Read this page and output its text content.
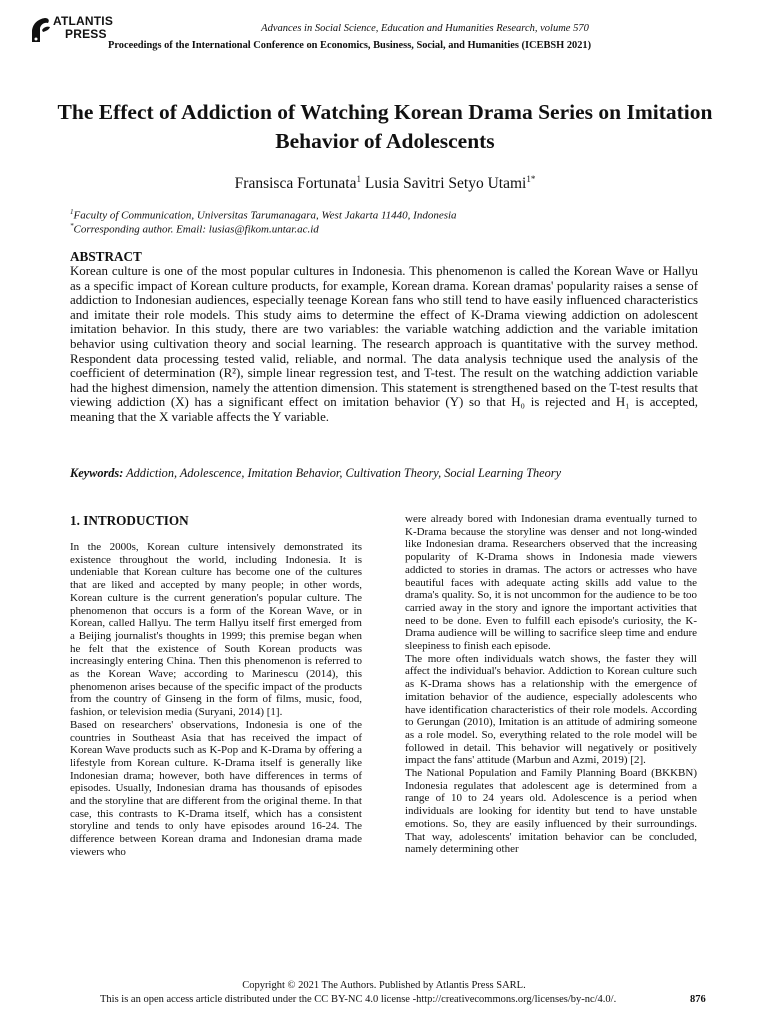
ATLANTIS
PRESS	Advances in Social Science, Education and Humanities Research, volume 570
Proceedings of the International Conference on Economics, Business, Social, and Humanities (ICEBSH 2021)
The Effect of Addiction of Watching Korean Drama Series on Imitation Behavior of Adolescents
Fransisca Fortunata$^1$ Lusia Savitri Setyo Utami$^{1*}$
$^1$Faculty of Communication, Universitas Tarumanagara, West Jakarta 11440, Indonesia
*Corresponding author. Email: lusias@fikom.untar.ac.id
ABSTRACT
Korean culture is one of the most popular cultures in Indonesia. This phenomenon is called the Korean Wave or Hallyu as a specific impact of Korean culture products, for example, Korean drama. Korean dramas' popularity raises a sense of addiction to Indonesian audiences, especially teenage Korean fans who still tend to have easily influenced characteristics and imitate their role models. This study aims to determine the effect of K-Drama viewing addiction on adolescent imitation behavior. In this study, there are two variables: the variable watching addiction and the variable imitation behavior using cultivation theory and social learning. The research approach is quantitative with the survey method. Respondent data processing tested valid, reliable, and normal. The data analysis technique used the analysis of the coefficient of determination (R²), simple linear regression test, and T-test. The result on the watching addiction variable had the highest dimension, namely the attention dimension. This statement is strengthened based on the T-test results that viewing addiction (X) has a significant effect on imitation behavior (Y) so that H₀ is rejected and H₁ is accepted, meaning that the X variable affects the Y variable.
Keywords: Addiction, Adolescence, Imitation Behavior, Cultivation Theory, Social Learning Theory
1. INTRODUCTION

In the 2000s, Korean culture intensively demonstrated its existence throughout the world, including Indonesia. It is undeniable that Korean culture has become one of the cultures that are liked and accepted by many people; in other words, Korean culture is the current generation's popular culture. The phenomenon that occurs is a form of the Korean Wave, or in Korean, called Hallyu. The term Hallyu itself first emerged from a Beijing journalist's thoughts in 1999; this premise began when he felt that the existence of South Korean products was increasingly entering China. Then this phenomenon is referred to as the Korean Wave; according to Marinescu (2014), this phenomenon arises because of the specific impact of the products from the country of Ginseng in the form of films, music, food, fashion, or television media (Suryani, 2014) [1].

Based on researchers' observations, Indonesia is one of the countries in Southeast Asia that has received the impact of Korean Wave products such as K-Pop and K-Drama by offering a lifestyle from Korean culture. K-Drama itself is generally like Indonesian drama; however, both have differences in terms of episodes. Usually, Indonesian drama has thousands of episodes and the storyline that are different from the original theme. In that case, this contrasts to K-Drama itself, which has a consistent storyline and tends to only have episodes around 16-24. The difference between Korean drama and Indonesian drama made viewers who

were already bored with Indonesian drama eventually turned to K-Drama because the storyline was denser and not long-winded like Indonesian drama. Researchers observed that the increasing popularity of K-Drama shows in Indonesia made viewers addicted to stories in dramas. The actors or actresses who have beautiful faces with adequate acting skills add value to the drama's quality. So, it is not uncommon for the audience to be too carried away in the story and ignore the important activities that need to be done. Even to fulfill each episode's curiosity, the K-Drama audience will be willing to sacrifice sleep time and endure sleepiness to finish each episode.

The more often individuals watch shows, the faster they will affect the individual's behavior. Addiction to Korean culture such as K-Drama shows has a relationship with the emergence of imitation behavior of the audience, especially adolescents who have identification characteristics of their role models. According to Gerungan (2010), Imitation is an attitude of admiring someone as a role model. So, everything related to the role model will be followed in detail. This behavior will negatively or positively impact the fans' attitude (Marbun and Azmi, 2019) [2].

The National Population and Family Planning Board (BKKBN) Indonesia regulates that adolescent age is determined from a range of 10 to 24 years old. Adolescence is a period when individuals are looking for identity but tend to have unstable emotions. So, they are easily influenced by their surroundings. That way, adolescents' imitation behavior can be concluded, namely determining other

Copyright © 2021 The Authors. Published by Atlantis Press SARL.
This is an open access article distributed under the CC BY-NC 4.0 license -http://creativecommons.org/licenses/by-nc/4.0/.	876
